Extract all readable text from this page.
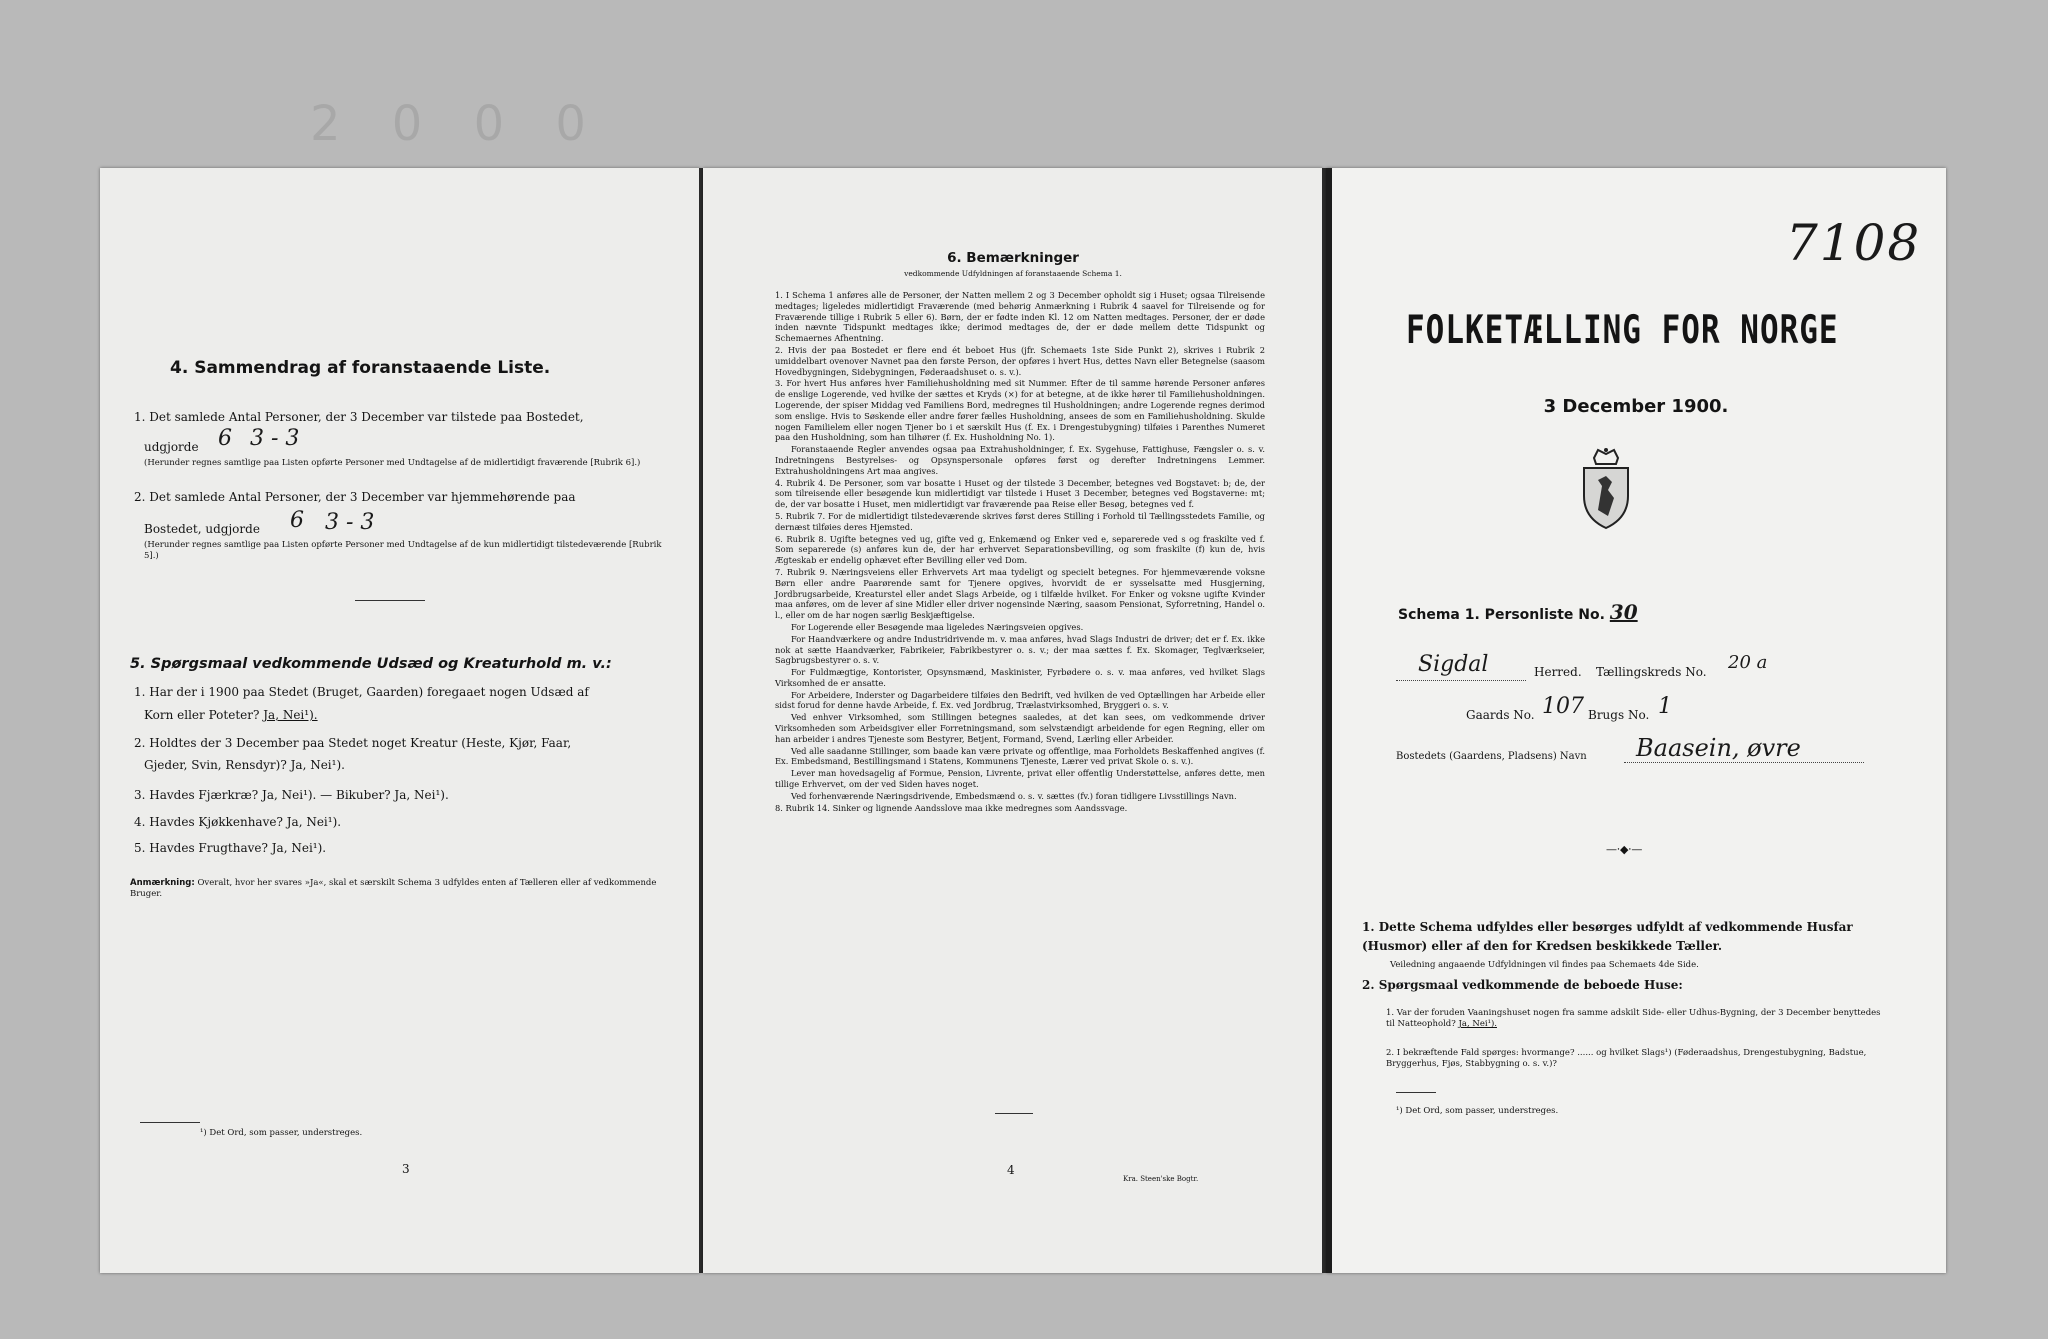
2 0 0 0
4. Sammendrag af foranstaaende Liste.
1. Det samlede Antal Personer, der 3 December var tilstede paa Bostedet,
udgjorde 6 3 - 3
(Herunder regnes samtlige paa Listen opførte Personer med Undtagelse af de midlertidigt fraværende [Rubrik 6].)
2. Det samlede Antal Personer, der 3 December var hjemmehørende paa
Bostedet, udgjorde 6 3 - 3
(Herunder regnes samtlige paa Listen opførte Personer med Undtagelse af de kun midlertidigt tilstedeværende [Rubrik 5].)
5. Spørgsmaal vedkommende Udsæd og Kreaturhold m. v.:
1. Har der i 1900 paa Stedet (Bruget, Gaarden) foregaaet nogen Udsæd af
Korn eller Poteter? Ja, Nei¹).
2. Holdtes der 3 December paa Stedet noget Kreatur (Heste, Kjør, Faar,
Gjeder, Svin, Rensdyr)? Ja, Nei¹).
3. Havdes Fjærkræ? Ja, Nei¹). — Bikuber? Ja, Nei¹).
4. Havdes Kjøkkenhave? Ja, Nei¹).
5. Havdes Frugthave? Ja, Nei¹).
Anmærkning: Overalt, hvor her svares »Ja«, skal et særskilt Schema 3 udfyldes enten af Tælleren eller af vedkommende Bruger.
¹) Det Ord, som passer, understreges.
3
6. Bemærkninger
vedkommende Udfyldningen af foranstaaende Schema 1.

1. I Schema 1 anføres alle de Personer, der Natten mellem 2 og 3 December opholdt sig i Huset; ogsaa Tilreisende medtages; ligeledes midlertidigt Fraværende (med behørig Anmærkning i Rubrik 4 saavel for Tilreisende og for Fraværende tillige i Rubrik 5 eller 6). Børn, der er fødte inden Kl. 12 om Natten medtages. Personer, der er døde inden nævnte Tidspunkt medtages ikke; derimod medtages de, der er døde mellem dette Tidspunkt og Schemaernes Afhentning.

2. Hvis der paa Bostedet er flere end ét beboet Hus (jfr. Schemaets 1ste Side Punkt 2), skrives i Rubrik 2 umiddelbart ovenover Navnet paa den første Person, der opføres i hvert Hus, dettes Navn eller Betegnelse (saasom Hovedbygningen, Sidebygningen, Føderaadshuset o. s. v.).

3. For hvert Hus anføres hver Familiehusholdning med sit Nummer. Efter de til samme hørende Personer anføres de enslige Logerende, ved hvilke der sættes et Kryds (×) for at betegne, at de ikke hører til Familiehusholdningen. Logerende, der spiser Middag ved Familiens Bord, medregnes til Husholdningen; andre Logerende regnes derimod som enslige. Hvis to Søskende eller andre fører fælles Husholdning, ansees de som en Familiehusholdning. Skulde nogen Familielem eller nogen Tjener bo i et særskilt Hus (f. Ex. i Drengestubygning) tilføies i Parenthes Numeret paa den Husholdning, som han tilhører (f. Ex. Husholdning No. 1).

Foranstaaende Regler anvendes ogsaa paa Extrahusholdninger, f. Ex. Sygehuse, Fattighuse, Fængsler o. s. v. Indretningens Bestyrelses- og Opsynspersonale opføres først og derefter Indretningens Lemmer. Extrahusholdningens Art maa angives.

4. Rubrik 4. De Personer, som var bosatte i Huset og der tilstede 3 December, betegnes ved Bogstavet: b; de, der som tilreisende eller besøgende kun midlertidigt var tilstede i Huset 3 December, betegnes ved Bogstaverne: mt; de, der var bosatte i Huset, men midlertidigt var fraværende paa Reise eller Besøg, betegnes ved f.

5. Rubrik 7. For de midlertidigt tilstedeværende skrives først deres Stilling i Forhold til Tællingsstedets Familie, og dernæst tilføies deres Hjemsted.

6. Rubrik 8. Ugifte betegnes ved ug, gifte ved g, Enkemænd og Enker ved e, separerede ved s og fraskilte ved f. Som separerede (s) anføres kun de, der har erhvervet Separationsbevilling, og som fraskilte (f) kun de, hvis Ægteskab er endelig ophævet efter Bevilling eller ved Dom.

7. Rubrik 9. Næringsveiens eller Erhvervets Art maa tydeligt og specielt betegnes. For hjemmeværende voksne Børn eller andre Paarørende samt for Tjenere opgives, hvorvidt de er sysselsatte med Husgjerning, Jordbrugsarbeide, Kreaturstel eller andet Slags Arbeide, og i tilfælde hvilket. For Enker og voksne ugifte Kvinder maa anføres, om de lever af sine Midler eller driver nogensinde Næring, saasom Pensionat, Syforretning, Handel o. l., eller om de har nogen særlig Beskjæftigelse.

For Logerende eller Besøgende maa ligeledes Næringsveien opgives.

For Haandværkere og andre Industridrivende m. v. maa anføres, hvad Slags Industri de driver; det er f. Ex. ikke nok at sætte Haandværker, Fabrikeier, Fabrikbestyrer o. s. v.; der maa sættes f. Ex. Skomager, Teglværkseier, Sagbrugsbestyrer o. s. v.

For Fuldmægtige, Kontorister, Opsynsmænd, Maskinister, Fyrbødere o. s. v. maa anføres, ved hvilket Slags Virksomhed de er ansatte.

For Arbeidere, Inderster og Dagarbeidere tilføies den Bedrift, ved hvilken de ved Optællingen har Arbeide eller sidst forud for denne havde Arbeide, f. Ex. ved Jordbrug, Trælastvirksomhed, Bryggeri o. s. v.

Ved enhver Virksomhed, som Stillingen betegnes saaledes, at det kan sees, om vedkommende driver Virksomheden som Arbeidsgiver eller Forretningsmand, som selvstændigt arbeidende for egen Regning, eller om han arbeider i andres Tjeneste som Bestyrer, Betjent, Formand, Svend, Lærling eller Arbeider.

Ved alle saadanne Stillinger, som baade kan være private og offentlige, maa Forholdets Beskaffenhed angives (f. Ex. Embedsmand, Bestillingsmand i Statens, Kommunens Tjeneste, Lærer ved privat Skole o. s. v.).

Lever man hovedsagelig af Formue, Pension, Livrente, privat eller offentlig Understøttelse, anføres dette, men tillige Erhvervet, om der ved Siden haves noget.

Ved forhenværende Næringsdrivende, Embedsmænd o. s. v. sættes (fv.) foran tidligere Livsstillings Navn.

8. Rubrik 14. Sinker og lignende Aandsslove maa ikke medregnes som Aandssvage.

4
Kra. Steen'ske Bogtr.
7108
FOLKETÆLLING FOR NORGE
3 December 1900.
Schema 1. Personliste No. 30
Sigdal	Herred. Tællingskreds No. 20 a
Gaards No. 107 Brugs No. 1
Bostedets (Gaardens, Pladsens) Navn Baasein, øvre
—⸱◆⸱—
1. Dette Schema udfyldes eller besørges udfyldt af vedkommende Husfar (Husmor) eller af den for Kredsen beskikkede Tæller.
Veiledning angaaende Udfyldningen vil findes paa Schemaets 4de Side.
2. Spørgsmaal vedkommende de beboede Huse:
1. Var der foruden Vaaningshuset nogen fra samme adskilt Side- eller Udhus-Bygning, der 3 December benyttedes til Natteophold? Ja, Nei¹).
2. I bekræftende Fald spørges: hvormange? ...... og hvilket Slags¹) (Føderaadshus, Drengestubygning, Badstue, Bryggerhus, Fjøs, Stabbygning o. s. v.)?
¹) Det Ord, som passer, understreges.
